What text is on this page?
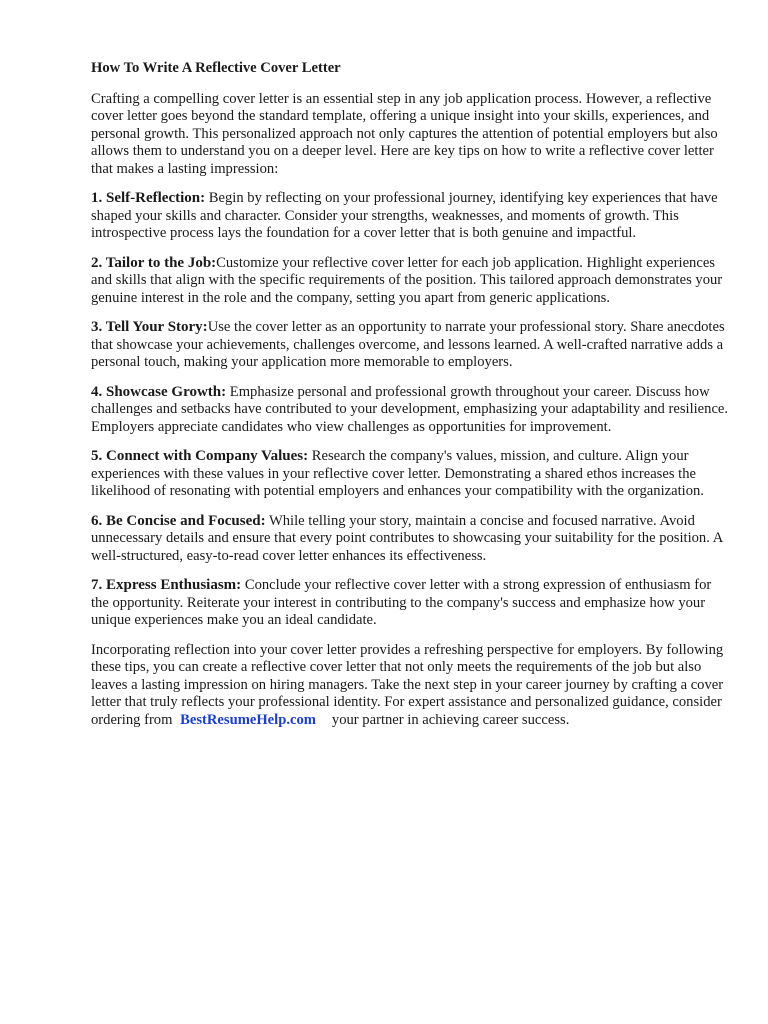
How To Write A Reflective Cover Letter

Crafting a compelling cover letter is an essential step in any job application process. However, a reflective cover letter goes beyond the standard template, offering a unique insight into your skills, experiences, and personal growth. This personalized approach not only captures the attention of potential employers but also allows them to understand you on a deeper level. Here are key tips on how to write a reflective cover letter that makes a lasting impression:

1. Self-Reflection: Begin by reflecting on your professional journey, identifying key experiences that have shaped your skills and character. Consider your strengths, weaknesses, and moments of growth. This introspective process lays the foundation for a cover letter that is both genuine and impactful.

2. Tailor to the Job:Customize your reflective cover letter for each job application. Highlight experiences and skills that align with the specific requirements of the position. This tailored approach demonstrates your genuine interest in the role and the company, setting you apart from generic applications.

3. Tell Your Story:Use the cover letter as an opportunity to narrate your professional story. Share anecdotes that showcase your achievements, challenges overcome, and lessons learned. A well-crafted narrative adds a personal touch, making your application more memorable to employers.

4. Showcase Growth: Emphasize personal and professional growth throughout your career. Discuss how challenges and setbacks have contributed to your development, emphasizing your adaptability and resilience. Employers appreciate candidates who view challenges as opportunities for improvement.

5. Connect with Company Values: Research the company's values, mission, and culture. Align your experiences with these values in your reflective cover letter. Demonstrating a shared ethos increases the likelihood of resonating with potential employers and enhances your compatibility with the organization.

6. Be Concise and Focused: While telling your story, maintain a concise and focused narrative. Avoid unnecessary details and ensure that every point contributes to showcasing your suitability for the position. A well-structured, easy-to-read cover letter enhances its effectiveness.

7. Express Enthusiasm: Conclude your reflective cover letter with a strong expression of enthusiasm for the opportunity. Reiterate your interest in contributing to the company's success and emphasize how your unique experiences make you an ideal candidate.

Incorporating reflection into your cover letter provides a refreshing perspective for employers. By following these tips, you can create a reflective cover letter that not only meets the requirements of the job but also leaves a lasting impression on hiring managers. Take the next step in your career journey by crafting a cover letter that truly reflects your professional identity. For expert assistance and personalized guidance, consider ordering from BestResumeHelp.com your partner in achieving career success.
